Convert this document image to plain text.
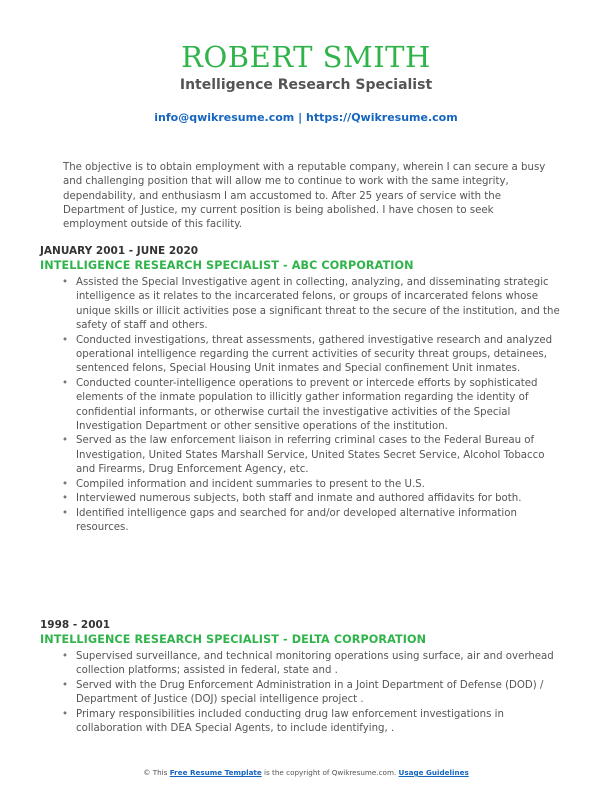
ROBERT SMITH
Intelligence Research Specialist
info@qwikresume.com | https://Qwikresume.com

The objective is to obtain employment with a reputable company, wherein I can secure a busy and challenging position that will allow me to continue to work with the same integrity, dependability, and enthusiasm I am accustomed to. After 25 years of service with the Department of Justice, my current position is being abolished. I have chosen to seek employment outside of this facility.

JANUARY 2001 - JUNE 2020
INTELLIGENCE RESEARCH SPECIALIST - ABC CORPORATION
• Assisted the Special Investigative agent in collecting, analyzing, and disseminating strategic intelligence as it relates to the incarcerated felons, or groups of incarcerated felons whose unique skills or illicit activities pose a significant threat to the secure of the institution, and the safety of staff and others.
• Conducted investigations, threat assessments, gathered investigative research and analyzed operational intelligence regarding the current activities of security threat groups, detainees, sentenced felons, Special Housing Unit inmates and Special confinement Unit inmates.
• Conducted counter-intelligence operations to prevent or intercede efforts by sophisticated elements of the inmate population to illicitly gather information regarding the identity of confidential informants, or otherwise curtail the investigative activities of the Special Investigation Department or other sensitive operations of the institution.
• Served as the law enforcement liaison in referring criminal cases to the Federal Bureau of Investigation, United States Marshall Service, United States Secret Service, Alcohol Tobacco and Firearms, Drug Enforcement Agency, etc.
• Compiled information and incident summaries to present to the U.S.
• Interviewed numerous subjects, both staff and inmate and authored affidavits for both.
• Identified intelligence gaps and searched for and/or developed alternative information resources.
1998 - 2001
INTELLIGENCE RESEARCH SPECIALIST - DELTA CORPORATION
• Supervised surveillance, and technical monitoring operations using surface, air and overhead collection platforms; assisted in federal, state and .
• Served with the Drug Enforcement Administration in a Joint Department of Defense (DOD) / Department of Justice (DOJ) special intelligence project .
• Primary responsibilities included conducting drug law enforcement investigations in collaboration with DEA Special Agents, to include identifying, .
© This Free Resume Template is the copyright of Qwikresume.com. Usage Guidelines
